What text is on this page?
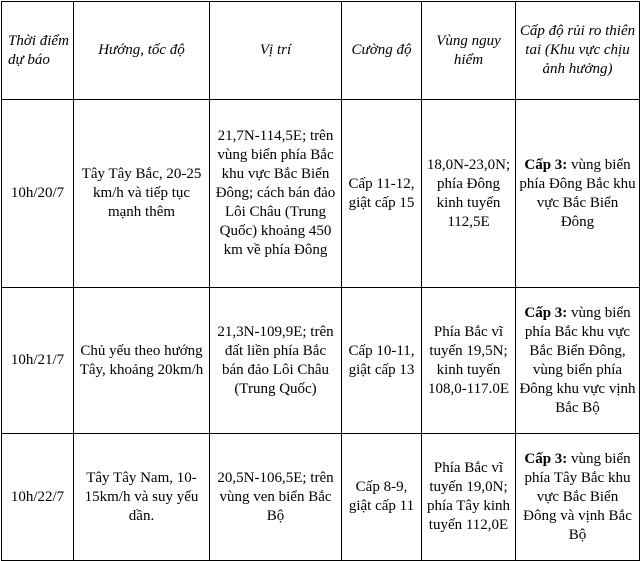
Thời điểm dự báo	Hướng, tốc độ	Vị trí	Cường độ	Vùng nguy hiểm	Cấp độ rủi ro thiên tai (Khu vực chịu ảnh hưởng)
10h/20/7	Tây Tây Bắc, 20-25 km/h và tiếp tục mạnh thêm	21,7N-114,5E; trên vùng biển phía Bắc khu vực Bắc Biển Đông; cách bán đảo Lôi Châu (Trung Quốc) khoảng 450 km về phía Đông	Cấp 11-12, giật cấp 15	18,0N-23,0N; phía Đông kinh tuyến 112,5E	Cấp 3: vùng biển phía Đông Bắc khu vực Bắc Biển Đông
10h/21/7	Chủ yếu theo hướng Tây, khoảng 20km/h	21,3N-109,9E; trên đất liền phía Bắc bán đảo Lôi Châu (Trung Quốc)	Cấp 10-11, giật cấp 13	Phía Bắc vĩ tuyến 19,5N; kinh tuyến 108,0-117.0E	Cấp 3: vùng biển phía Bắc khu vực Bắc Biển Đông, vùng biển phía Đông khu vực vịnh Bắc Bộ
10h/22/7	Tây Tây Nam, 10-15km/h và suy yếu dần.	20,5N-106,5E; trên vùng ven biển Bắc Bộ	Cấp 8-9, giật cấp 11	Phía Bắc vĩ tuyến 19,0N; phía Tây kinh tuyến 112,0E	Cấp 3: vùng biển phía Tây Bắc khu vực Bắc Biển Đông và vịnh Bắc Bộ
